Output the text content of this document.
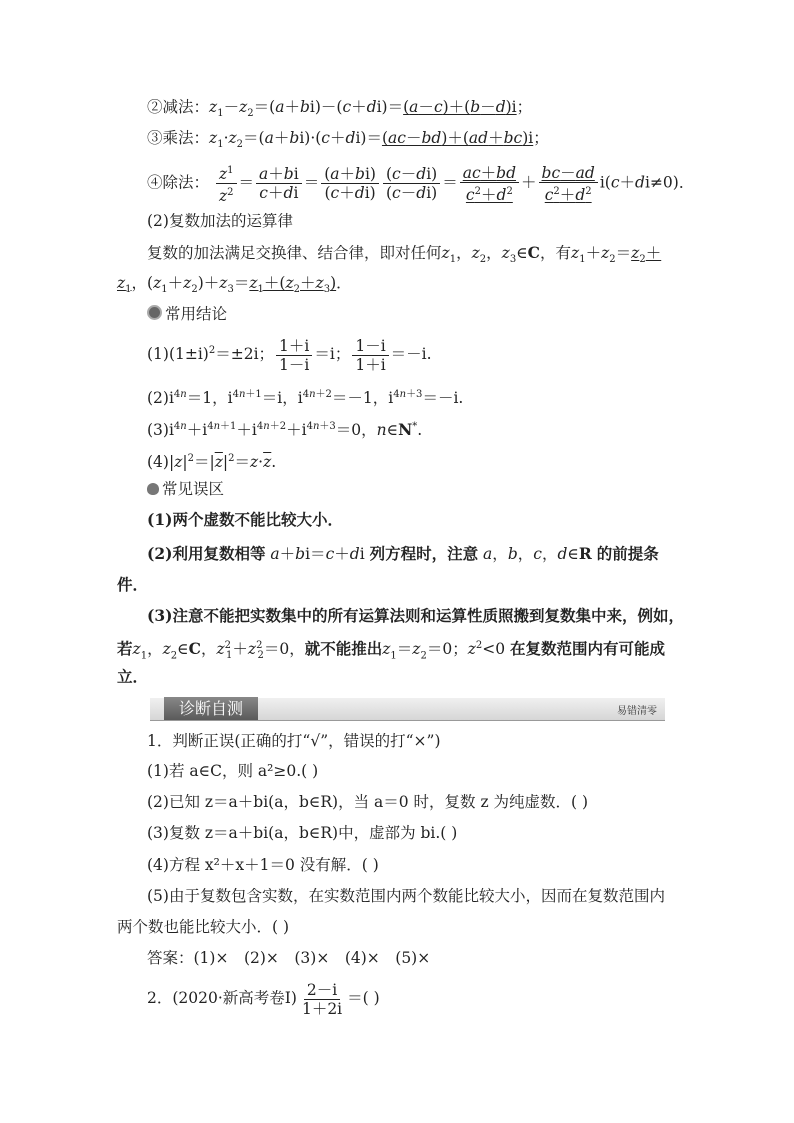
②减法：$z_1-z_2=(a+bi)-(c+di)=(a-c)+(b-d)i$；
③乘法：$z_1\cdot z_2=(a+bi)\cdot(c+di)=(ac-bd)+(ad+bc)i$；
④除法： $\frac{z^1}{z^2} = \frac{a+bi}{c+di} = \frac{(a+bi)}{(c+di)} \frac{(c-di)}{(c-di)} = \frac{ac+bd}{c^2+d^2} + \frac{bc-ad}{c^2+d^2} i(c+di\ne 0)$．
(2)复数加法的运算律
复数的加法满足交换律、结合律，即对任何$z_1$，$z_2$，$z_3\in C$，有$z_1+z_2=z_2+$
$z_1$，$(z_1+z_2)+z_3=z_1+(z_2+z_3)$．
常用结论
$(1)(1\pm i)^2=\pm 2i$； $\frac{1+i}{1-i} =i$； $\frac{1-i}{1+i} =-i$.
$(2)i^{4n}=1$，$i^{4n+1}=i$，$i^{4n+2}=-1$，$i^{4n+3}=-i$.
$(3)i^{4n}+i^{4n+1}+i^{4n+2}+i^{4n+3}=0$，n∈N*.
$(4)|z|^2=|\overline{z}|^2=z\cdot\overline{z}$.
常见误区
(1)两个虚数不能比较大小．
(2)利用复数相等 a＋bi＝c＋di 列方程时，注意 a，b，c，d∈R 的前提条
件．
(3)注意不能把实数集中的所有运算法则和运算性质照搬到复数集中来，例如，
若$z_1$，$z_2\in C$，$z^2_1+z^2_2=0$，就不能推出$z_1=z_2=0$；$z^2<0$ 在复数范围内有可能成
立．
诊断自测	易错清零
1．判断正误(正确的打“√”，错误的打“×”)
(1)若 a∈C，则 a²≥0.( )
(2)已知 z＝a＋bi(a，b∈R)，当 a＝0 时，复数 z 为纯虚数．( )
(3)复数 z＝a＋bi(a，b∈R)中，虚部为 bi.( )
(4)方程 x²＋x＋1＝0 没有解．( )
(5)由于复数包含实数，在实数范围内两个数能比较大小，因而在复数范围内
两个数也能比较大小．( )
答案：(1)×　(2)×　(3)×　(4)×　(5)×
2．(2020·新高考卷Ⅰ) $\frac{2-i}{1+2i}$ ＝( )
